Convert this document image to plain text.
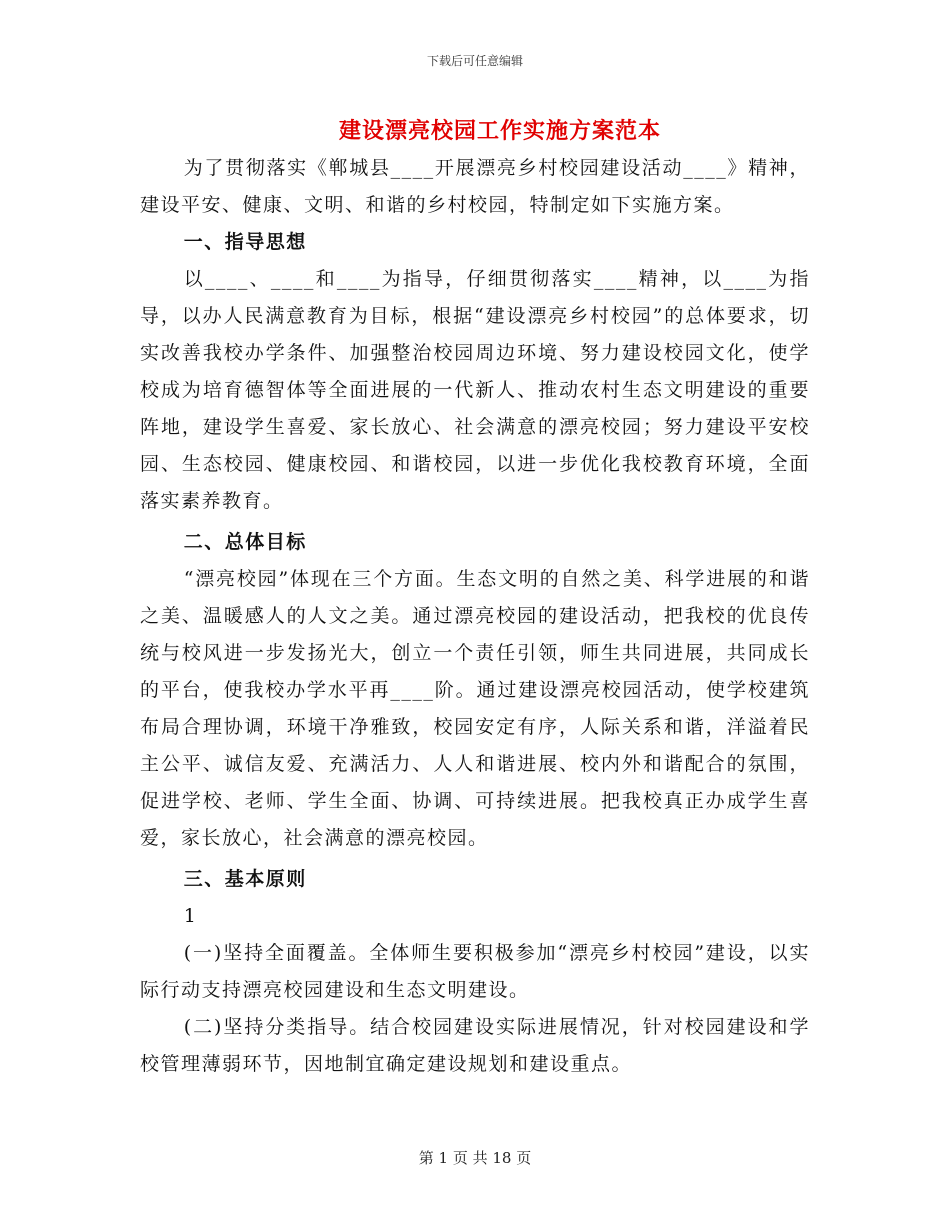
下载后可任意编辑
建设漂亮校园工作实施方案范本

为了贯彻落实《郸城县____开展漂亮乡村校园建设活动____》精神，建设平安、健康、文明、和谐的乡村校园，特制定如下实施方案。

一、指导思想

以____、____和____为指导，仔细贯彻落实____精神，以____为指导，以办人民满意教育为目标，根据“建设漂亮乡村校园”的总体要求，切实改善我校办学条件、加强整治校园周边环境、努力建设校园文化，使学校成为培育德智体等全面进展的一代新人、推动农村生态文明建设的重要阵地，建设学生喜爱、家长放心、社会满意的漂亮校园；努力建设平安校园、生态校园、健康校园、和谐校园，以进一步优化我校教育环境，全面落实素养教育。

二、总体目标

“漂亮校园”体现在三个方面。生态文明的自然之美、科学进展的和谐之美、温暖感人的人文之美。通过漂亮校园的建设活动，把我校的优良传统与校风进一步发扬光大，创立一个责任引领，师生共同进展，共同成长的平台，使我校办学水平再____阶。通过建设漂亮校园活动，使学校建筑布局合理协调，环境干净雅致，校园安定有序，人际关系和谐，洋溢着民主公平、诚信友爱、充满活力、人人和谐进展、校内外和谐配合的氛围，促进学校、老师、学生全面、协调、可持续进展。把我校真正办成学生喜爱，家长放心，社会满意的漂亮校园。

三、基本原则

1

(一)坚持全面覆盖。全体师生要积极参加“漂亮乡村校园”建设，以实际行动支持漂亮校园建设和生态文明建设。

(二)坚持分类指导。结合校园建设实际进展情况，针对校园建设和学校管理薄弱环节，因地制宜确定建设规划和建设重点。

第 1 页 共 18 页
